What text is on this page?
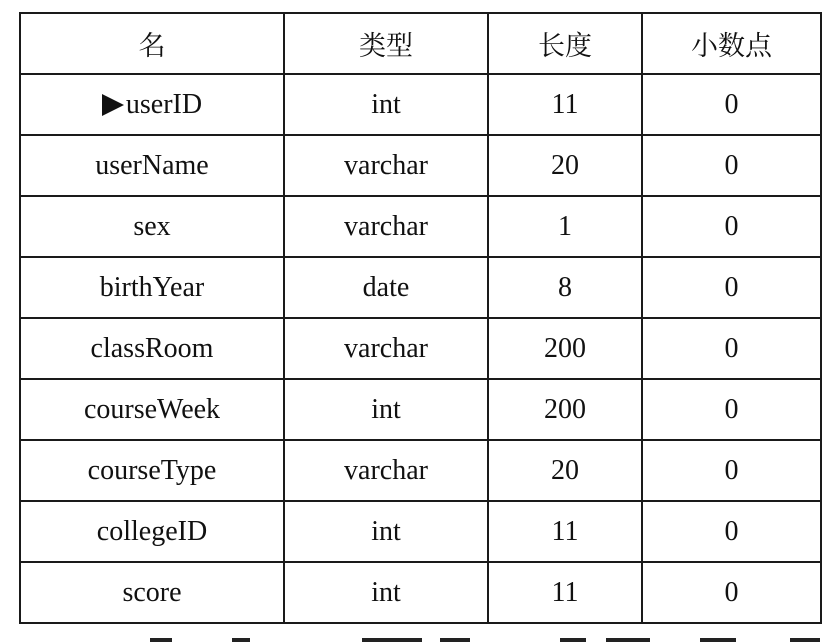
名	类型	长度	小数点
userID	int	11	0
userName	varchar	20	0
sex	varchar	1	0
birthYear	date	8	0
classRoom	varchar	200	0
courseWeek	int	200	0
courseType	varchar	20	0
collegeID	int	11	0
score	int	11	0
